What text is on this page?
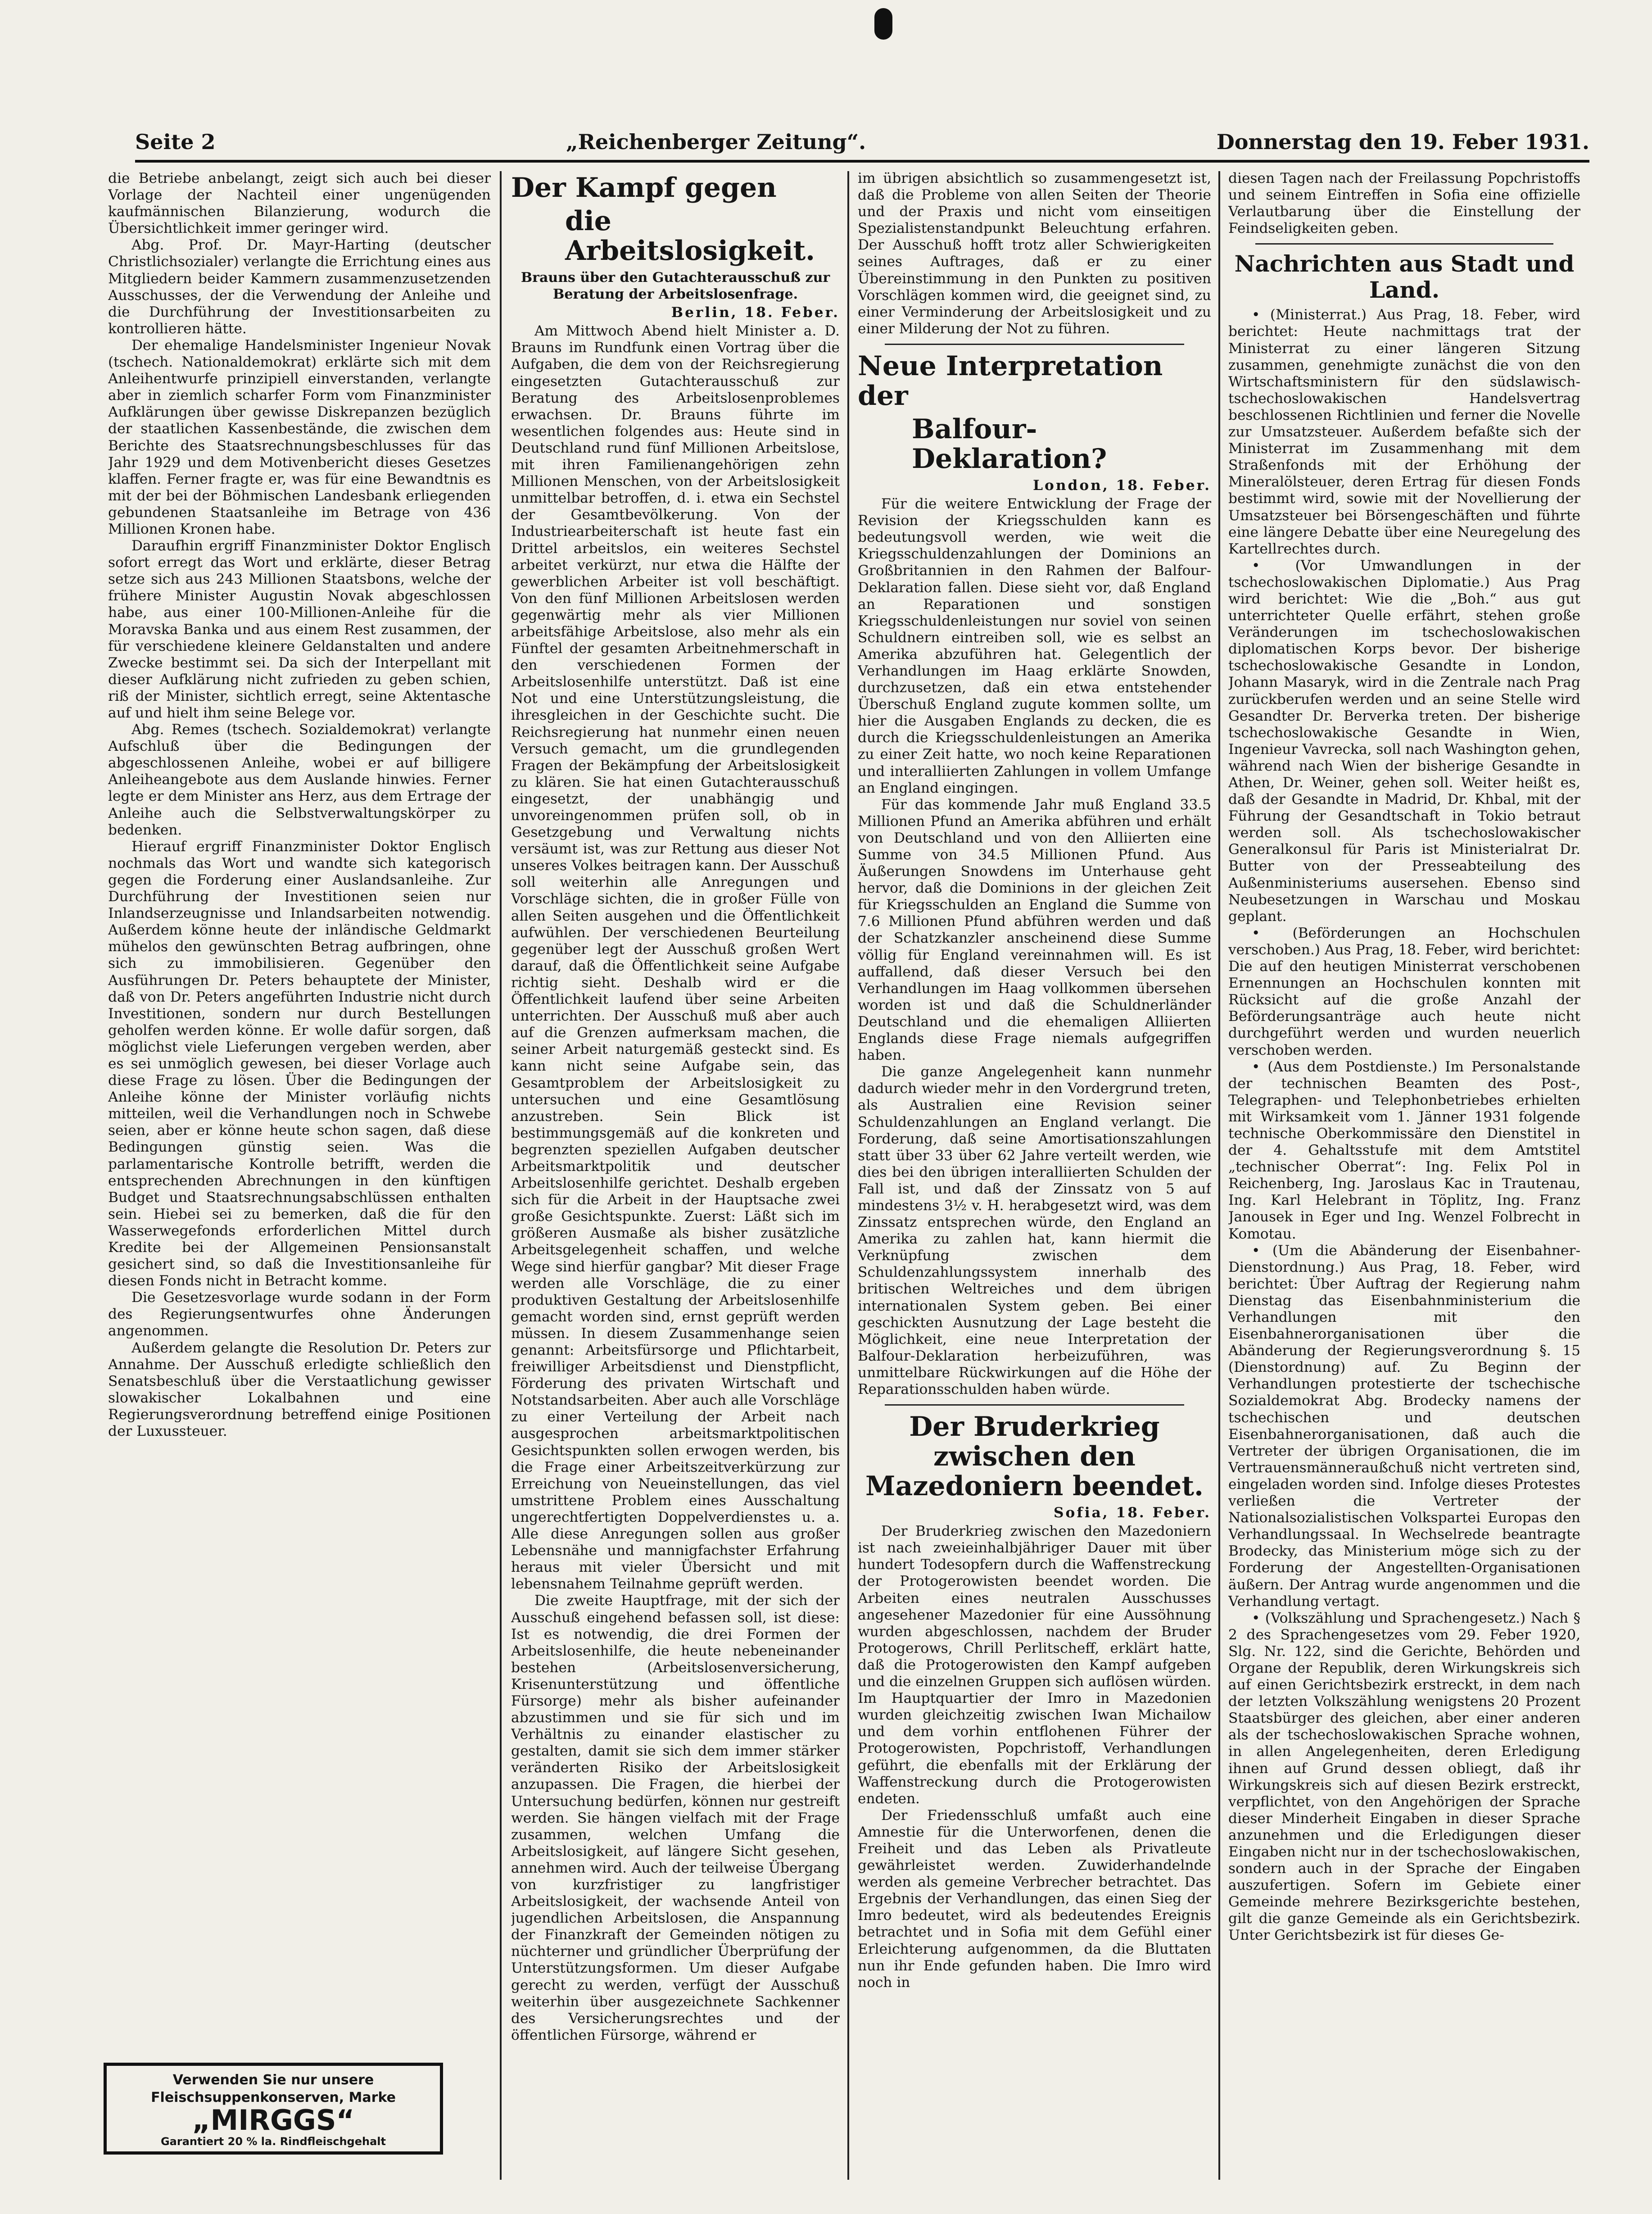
Seite 2	„Reichenberger Zeitung“.	Donnerstag den 19. Feber 1931.

die Betriebe anbelangt, zeigt sich auch bei dieser Vorlage der Nachteil einer ungenügenden kaufmännischen Bilanzierung, wodurch die Übersichtlichkeit immer geringer wird.

Abg. Prof. Dr. Mayr-Harting (deutscher Christlichsozialer) verlangte die Errichtung eines aus Mitgliedern beider Kammern zusammenzusetzenden Ausschusses, der die Verwendung der Anleihe und die Durchführung der Investitionsarbeiten zu kontrollieren hätte.

Der ehemalige Handelsminister Ingenieur Novak (tschech. Nationaldemokrat) erklärte sich mit dem Anleihentwurfe prinzipiell einverstanden, verlangte aber in ziemlich scharfer Form vom Finanzminister Aufklärungen über gewisse Diskrepanzen bezüglich der staatlichen Kassenbestände, die zwischen dem Berichte des Staatsrechnungsbeschlusses für das Jahr 1929 und dem Motivenbericht dieses Gesetzes klaffen. Ferner fragte er, was für eine Bewandtnis es mit der bei der Böhmischen Landesbank erliegenden gebundenen Staatsanleihe im Betrage von 436 Millionen Kronen habe.

Daraufhin ergriff Finanzminister Doktor Englisch sofort erregt das Wort und erklärte, dieser Betrag setze sich aus 243 Millionen Staatsbons, welche der frühere Minister Augustin Novak abgeschlossen habe, aus einer 100-Millionen-Anleihe für die Moravska Banka und aus einem Rest zusammen, der für verschiedene kleinere Geldanstalten und andere Zwecke bestimmt sei. Da sich der Interpellant mit dieser Aufklärung nicht zufrieden zu geben schien, riß der Minister, sichtlich erregt, seine Aktentasche auf und hielt ihm seine Belege vor.

Abg. Remes (tschech. Sozialdemokrat) verlangte Aufschluß über die Bedingungen der abgeschlossenen Anleihe, wobei er auf billigere Anleiheangebote aus dem Auslande hinwies. Ferner legte er dem Minister ans Herz, aus dem Ertrage der Anleihe auch die Selbstverwaltungskörper zu bedenken.

Hierauf ergriff Finanzminister Doktor Englisch nochmals das Wort und wandte sich kategorisch gegen die Forderung einer Auslandsanleihe. Zur Durchführung der Investitionen seien nur Inlandserzeugnisse und Inlandsarbeiten notwendig. Außerdem könne heute der inländische Geldmarkt mühelos den gewünschten Betrag aufbringen, ohne sich zu immobilisieren. Gegenüber den Ausführungen Dr. Peters behauptete der Minister, daß von Dr. Peters angeführten Industrie nicht durch Investitionen, sondern nur durch Bestellungen geholfen werden könne. Er wolle dafür sorgen, daß möglichst viele Lieferungen vergeben werden, aber es sei unmöglich gewesen, bei dieser Vorlage auch diese Frage zu lösen. Über die Bedingungen der Anleihe könne der Minister vorläufig nichts mitteilen, weil die Verhandlungen noch in Schwebe seien, aber er könne heute schon sagen, daß diese Bedingungen günstig seien. Was die parlamentarische Kontrolle betrifft, werden die entsprechenden Abrechnungen in den künftigen Budget und Staatsrechnungsabschlüssen enthalten sein. Hiebei sei zu bemerken, daß die für den Wasserwegefonds erforderlichen Mittel durch Kredite bei der Allgemeinen Pensionsanstalt gesichert sind, so daß die Investitionsanleihe für diesen Fonds nicht in Betracht komme.

Die Gesetzesvorlage wurde sodann in der Form des Regierungsentwurfes ohne Änderungen angenommen.

Außerdem gelangte die Resolution Dr. Peters zur Annahme. Der Ausschuß erledigte schließlich den Senatsbeschluß über die Verstaatlichung gewisser slowakischer Lokalbahnen und eine Regierungsverordnung betreffend einige Positionen der Luxussteuer.

Verwenden Sie nur unsere
Fleischsuppenkonserven, Marke
„MIRGGS“
Garantiert 20 % la. Rindfleischgehalt
Der Kampf gegen
die Arbeitslosigkeit.
Brauns über den Gutachterausschuß zur Beratung der Arbeitslosenfrage.
Berlin, 18. Feber.

Am Mittwoch Abend hielt Minister a. D. Brauns im Rundfunk einen Vortrag über die Aufgaben, die dem von der Reichsregierung eingesetzten Gutachterausschuß zur Beratung des Arbeitslosenproblemes erwachsen. Dr. Brauns führte im wesentlichen folgendes aus: Heute sind in Deutschland rund fünf Millionen Arbeitslose, mit ihren Familienangehörigen zehn Millionen Menschen, von der Arbeitslosigkeit unmittelbar betroffen, d. i. etwa ein Sechstel der Gesamtbevölkerung. Von der Industriearbeiterschaft ist heute fast ein Drittel arbeitslos, ein weiteres Sechstel arbeitet verkürzt, nur etwa die Hälfte der gewerblichen Arbeiter ist voll beschäftigt. Von den fünf Millionen Arbeitslosen werden gegenwärtig mehr als vier Millionen arbeitsfähige Arbeitslose, also mehr als ein Fünftel der gesamten Arbeitnehmerschaft in den verschiedenen Formen der Arbeitslosenhilfe unterstützt. Daß ist eine Not und eine Unterstützungsleistung, die ihresgleichen in der Geschichte sucht. Die Reichsregierung hat nunmehr einen neuen Versuch gemacht, um die grundlegenden Fragen der Bekämpfung der Arbeitslosigkeit zu klären. Sie hat einen Gutachterausschuß eingesetzt, der unabhängig und unvoreingenommen prüfen soll, ob in Gesetzgebung und Verwaltung nichts versäumt ist, was zur Rettung aus dieser Not unseres Volkes beitragen kann. Der Ausschuß soll weiterhin alle Anregungen und Vorschläge sichten, die in großer Fülle von allen Seiten ausgehen und die Öffentlichkeit aufwühlen. Der verschiedenen Beurteilung gegenüber legt der Ausschuß großen Wert darauf, daß die Öffentlichkeit seine Aufgabe richtig sieht. Deshalb wird er die Öffentlichkeit laufend über seine Arbeiten unterrichten. Der Ausschuß muß aber auch auf die Grenzen aufmerksam machen, die seiner Arbeit naturgemäß gesteckt sind. Es kann nicht seine Aufgabe sein, das Gesamtproblem der Arbeitslosigkeit zu untersuchen und eine Gesamtlösung anzustreben. Sein Blick ist bestimmungsgemäß auf die konkreten und begrenzten speziellen Aufgaben deutscher Arbeitsmarktpolitik und deutscher Arbeitslosenhilfe gerichtet. Deshalb ergeben sich für die Arbeit in der Hauptsache zwei große Gesichtspunkte. Zuerst: Läßt sich im größeren Ausmaße als bisher zusätzliche Arbeitsgelegenheit schaffen, und welche Wege sind hierfür gangbar? Mit dieser Frage werden alle Vorschläge, die zu einer produktiven Gestaltung der Arbeitslosenhilfe gemacht worden sind, ernst geprüft werden müssen. In diesem Zusammenhange seien genannt: Arbeitsfürsorge und Pflichtarbeit, freiwilliger Arbeitsdienst und Dienstpflicht, Förderung des privaten Wirtschaft und Notstandsarbeiten. Aber auch alle Vorschläge zu einer Verteilung der Arbeit nach ausgesprochen arbeitsmarktpolitischen Gesichtspunkten sollen erwogen werden, bis die Frage einer Arbeitszeitverkürzung zur Erreichung von Neueinstellungen, das viel umstrittene Problem eines Ausschaltung ungerechtfertigten Doppelverdienstes u. a. Alle diese Anregungen sollen aus großer Lebensnähe und mannigfachster Erfahrung heraus mit vieler Übersicht und mit lebensnahem Teilnahme geprüft werden.

Die zweite Hauptfrage, mit der sich der Ausschuß eingehend befassen soll, ist diese: Ist es notwendig, die drei Formen der Arbeitslosenhilfe, die heute nebeneinander bestehen (Arbeitslosenversicherung, Krisenunterstützung und öffentliche Fürsorge) mehr als bisher aufeinander abzustimmen und sie für sich und im Verhältnis zu einander elastischer zu gestalten, damit sie sich dem immer stärker veränderten Risiko der Arbeitslosigkeit anzupassen. Die Fragen, die hierbei der Untersuchung bedürfen, können nur gestreift werden. Sie hängen vielfach mit der Frage zusammen, welchen Umfang die Arbeitslosigkeit, auf längere Sicht gesehen, annehmen wird. Auch der teilweise Übergang von kurzfristiger zu langfristiger Arbeitslosigkeit, der wachsende Anteil von jugendlichen Arbeitslosen, die Anspannung der Finanzkraft der Gemeinden nötigen zu nüchterner und gründlicher Überprüfung der Unterstützungsformen. Um dieser Aufgabe gerecht zu werden, verfügt der Ausschuß weiterhin über ausgezeichnete Sachkenner des Versicherungsrechtes und der öffentlichen Fürsorge, während er

im übrigen absichtlich so zusammengesetzt ist, daß die Probleme von allen Seiten der Theorie und der Praxis und nicht vom einseitigen Spezialistenstandpunkt Beleuchtung erfahren. Der Ausschuß hofft trotz aller Schwierigkeiten seines Auftrages, daß er zu einer Übereinstimmung in den Punkten zu positiven Vorschlägen kommen wird, die geeignet sind, zu einer Verminderung der Arbeitslosigkeit und zu einer Milderung der Not zu führen.

Neue Interpretation der
Balfour-Deklaration?
London, 18. Feber.

Für die weitere Entwicklung der Frage der Revision der Kriegsschulden kann es bedeutungsvoll werden, wie weit die Kriegsschuldenzahlungen der Dominions an Großbritannien in den Rahmen der Balfour-Deklaration fallen. Diese sieht vor, daß England an Reparationen und sonstigen Kriegsschuldenleistungen nur soviel von seinen Schuldnern eintreiben soll, wie es selbst an Amerika abzuführen hat. Gelegentlich der Verhandlungen im Haag erklärte Snowden, durchzusetzen, daß ein etwa entstehender Überschuß England zugute kommen sollte, um hier die Ausgaben Englands zu decken, die es durch die Kriegsschuldenleistungen an Amerika zu einer Zeit hatte, wo noch keine Reparationen und interalliierten Zahlungen in vollem Umfange an England eingingen.

Für das kommende Jahr muß England 33.5 Millionen Pfund an Amerika abführen und erhält von Deutschland und von den Alliierten eine Summe von 34.5 Millionen Pfund. Aus Äußerungen Snowdens im Unterhause geht hervor, daß die Dominions in der gleichen Zeit für Kriegsschulden an England die Summe von 7.6 Millionen Pfund abführen werden und daß der Schatzkanzler anscheinend diese Summe völlig für England vereinnahmen will. Es ist auffallend, daß dieser Versuch bei den Verhandlungen im Haag vollkommen übersehen worden ist und daß die Schuldnerländer Deutschland und die ehemaligen Alliierten Englands diese Frage niemals aufgegriffen haben.

Die ganze Angelegenheit kann nunmehr dadurch wieder mehr in den Vordergrund treten, als Australien eine Revision seiner Schuldenzahlungen an England verlangt. Die Forderung, daß seine Amortisationszahlungen statt über 33 über 62 Jahre verteilt werden, wie dies bei den übrigen interalliierten Schulden der Fall ist, und daß der Zinssatz von 5 auf mindestens 3½ v. H. herabgesetzt wird, was dem Zinssatz entsprechen würde, den England an Amerika zu zahlen hat, kann hiermit die Verknüpfung zwischen dem Schuldenzahlungssystem innerhalb des britischen Weltreiches und dem übrigen internationalen System geben. Bei einer geschickten Ausnutzung der Lage besteht die Möglichkeit, eine neue Interpretation der Balfour-Deklaration herbeizuführen, was unmittelbare Rückwirkungen auf die Höhe der Reparationsschulden haben würde.

Der Bruderkrieg zwischen den Mazedoniern beendet.
Sofia, 18. Feber.

Der Bruderkrieg zwischen den Mazedoniern ist nach zweieinhalbjähriger Dauer mit über hundert Todesopfern durch die Waffenstreckung der Protogerowisten beendet worden. Die Arbeiten eines neutralen Ausschusses angesehener Mazedonier für eine Aussöhnung wurden abgeschlossen, nachdem der Bruder Protogerows, Chrill Perlitscheff, erklärt hatte, daß die Protogerowisten den Kampf aufgeben und die einzelnen Gruppen sich auflösen würden. Im Hauptquartier der Imro in Mazedonien wurden gleichzeitig zwischen Iwan Michailow und dem vorhin entflohenen Führer der Protogerowisten, Popchristoff, Verhandlungen geführt, die ebenfalls mit der Erklärung der Waffenstreckung durch die Protogerowisten endeten.

Der Friedensschluß umfaßt auch eine Amnestie für die Unterworfenen, denen die Freiheit und das Leben als Privatleute gewährleistet werden. Zuwiderhandelnde werden als gemeine Verbrecher betrachtet. Das Ergebnis der Verhandlungen, das einen Sieg der Imro bedeutet, wird als bedeutendes Ereignis betrachtet und in Sofia mit dem Gefühl einer Erleichterung aufgenommen, da die Bluttaten nun ihr Ende gefunden haben. Die Imro wird noch in

diesen Tagen nach der Freilassung Popchristoffs und seinem Eintreffen in Sofia eine offizielle Verlautbarung über die Einstellung der Feindseligkeiten geben.

Nachrichten aus Stadt und Land.

• (Ministerrat.) Aus Prag, 18. Feber, wird berichtet: Heute nachmittags trat der Ministerrat zu einer längeren Sitzung zusammen, genehmigte zunächst die von den Wirtschaftsministern für den südslawisch-tschechoslowakischen Handelsvertrag beschlossenen Richtlinien und ferner die Novelle zur Umsatzsteuer. Außerdem befaßte sich der Ministerrat im Zusammenhang mit dem Straßenfonds mit der Erhöhung der Mineralölsteuer, deren Ertrag für diesen Fonds bestimmt wird, sowie mit der Novellierung der Umsatzsteuer bei Börsengeschäften und führte eine längere Debatte über eine Neuregelung des Kartellrechtes durch.

• (Vor Umwandlungen in der tschechoslowakischen Diplomatie.) Aus Prag wird berichtet: Wie die „Boh.“ aus gut unterrichteter Quelle erfährt, stehen große Veränderungen im tschechoslowakischen diplomatischen Korps bevor. Der bisherige tschechoslowakische Gesandte in London, Johann Masaryk, wird in die Zentrale nach Prag zurückberufen werden und an seine Stelle wird Gesandter Dr. Berverka treten. Der bisherige tschechoslowakische Gesandte in Wien, Ingenieur Vavrecka, soll nach Washington gehen, während nach Wien der bisherige Gesandte in Athen, Dr. Weiner, gehen soll. Weiter heißt es, daß der Gesandte in Madrid, Dr. Khbal, mit der Führung der Gesandtschaft in Tokio betraut werden soll. Als tschechoslowakischer Generalkonsul für Paris ist Ministerialrat Dr. Butter von der Presseabteilung des Außenministeriums ausersehen. Ebenso sind Neubesetzungen in Warschau und Moskau geplant.

• (Beförderungen an Hochschulen verschoben.) Aus Prag, 18. Feber, wird berichtet: Die auf den heutigen Ministerrat verschobenen Ernennungen an Hochschulen konnten mit Rücksicht auf die große Anzahl der Beförderungsanträge auch heute nicht durchgeführt werden und wurden neuerlich verschoben werden.

• (Aus dem Postdienste.) Im Personalstande der technischen Beamten des Post-, Telegraphen- und Telephonbetriebes erhielten mit Wirksamkeit vom 1. Jänner 1931 folgende technische Oberkommissäre den Dienstitel in der 4. Gehaltsstufe mit dem Amtstitel „technischer Oberrat“: Ing. Felix Pol in Reichenberg, Ing. Jaroslaus Kac in Trautenau, Ing. Karl Helebrant in Töplitz, Ing. Franz Janousek in Eger und Ing. Wenzel Folbrecht in Komotau.

• (Um die Abänderung der Eisenbahner-Dienstordnung.) Aus Prag, 18. Feber, wird berichtet: Über Auftrag der Regierung nahm Dienstag das Eisenbahnministerium die Verhandlungen mit den Eisenbahnerorganisationen über die Abänderung der Regierungsverordnung §. 15 (Dienstordnung) auf. Zu Beginn der Verhandlungen protestierte der tschechische Sozialdemokrat Abg. Brodecky namens der tschechischen und deutschen Eisenbahnerorganisationen, daß auch die Vertreter der übrigen Organisationen, die im Vertrauensmänneraußchuß nicht vertreten sind, eingeladen worden sind. Infolge dieses Protestes verließen die Vertreter der Nationalsozialistischen Volkspartei Europas den Verhandlungssaal. In Wechselrede beantragte Brodecky, das Ministerium möge sich zu der Forderung der Angestellten-Organisationen äußern. Der Antrag wurde angenommen und die Verhandlung vertagt.

• (Volkszählung und Sprachengesetz.) Nach § 2 des Sprachengesetzes vom 29. Feber 1920, Slg. Nr. 122, sind die Gerichte, Behörden und Organe der Republik, deren Wirkungskreis sich auf einen Gerichtsbezirk erstreckt, in dem nach der letzten Volkszählung wenigstens 20 Prozent Staatsbürger des gleichen, aber einer anderen als der tschechoslowakischen Sprache wohnen, in allen Angelegenheiten, deren Erledigung ihnen auf Grund dessen obliegt, daß ihr Wirkungskreis sich auf diesen Bezirk erstreckt, verpflichtet, von den Angehörigen der Sprache dieser Minderheit Eingaben in dieser Sprache anzunehmen und die Erledigungen dieser Eingaben nicht nur in der tschechoslowakischen, sondern auch in der Sprache der Eingaben auszufertigen. Sofern im Gebiete einer Gemeinde mehrere Bezirksgerichte bestehen, gilt die ganze Gemeinde als ein Gerichtsbezirk. Unter Gerichtsbezirk ist für dieses Ge-
